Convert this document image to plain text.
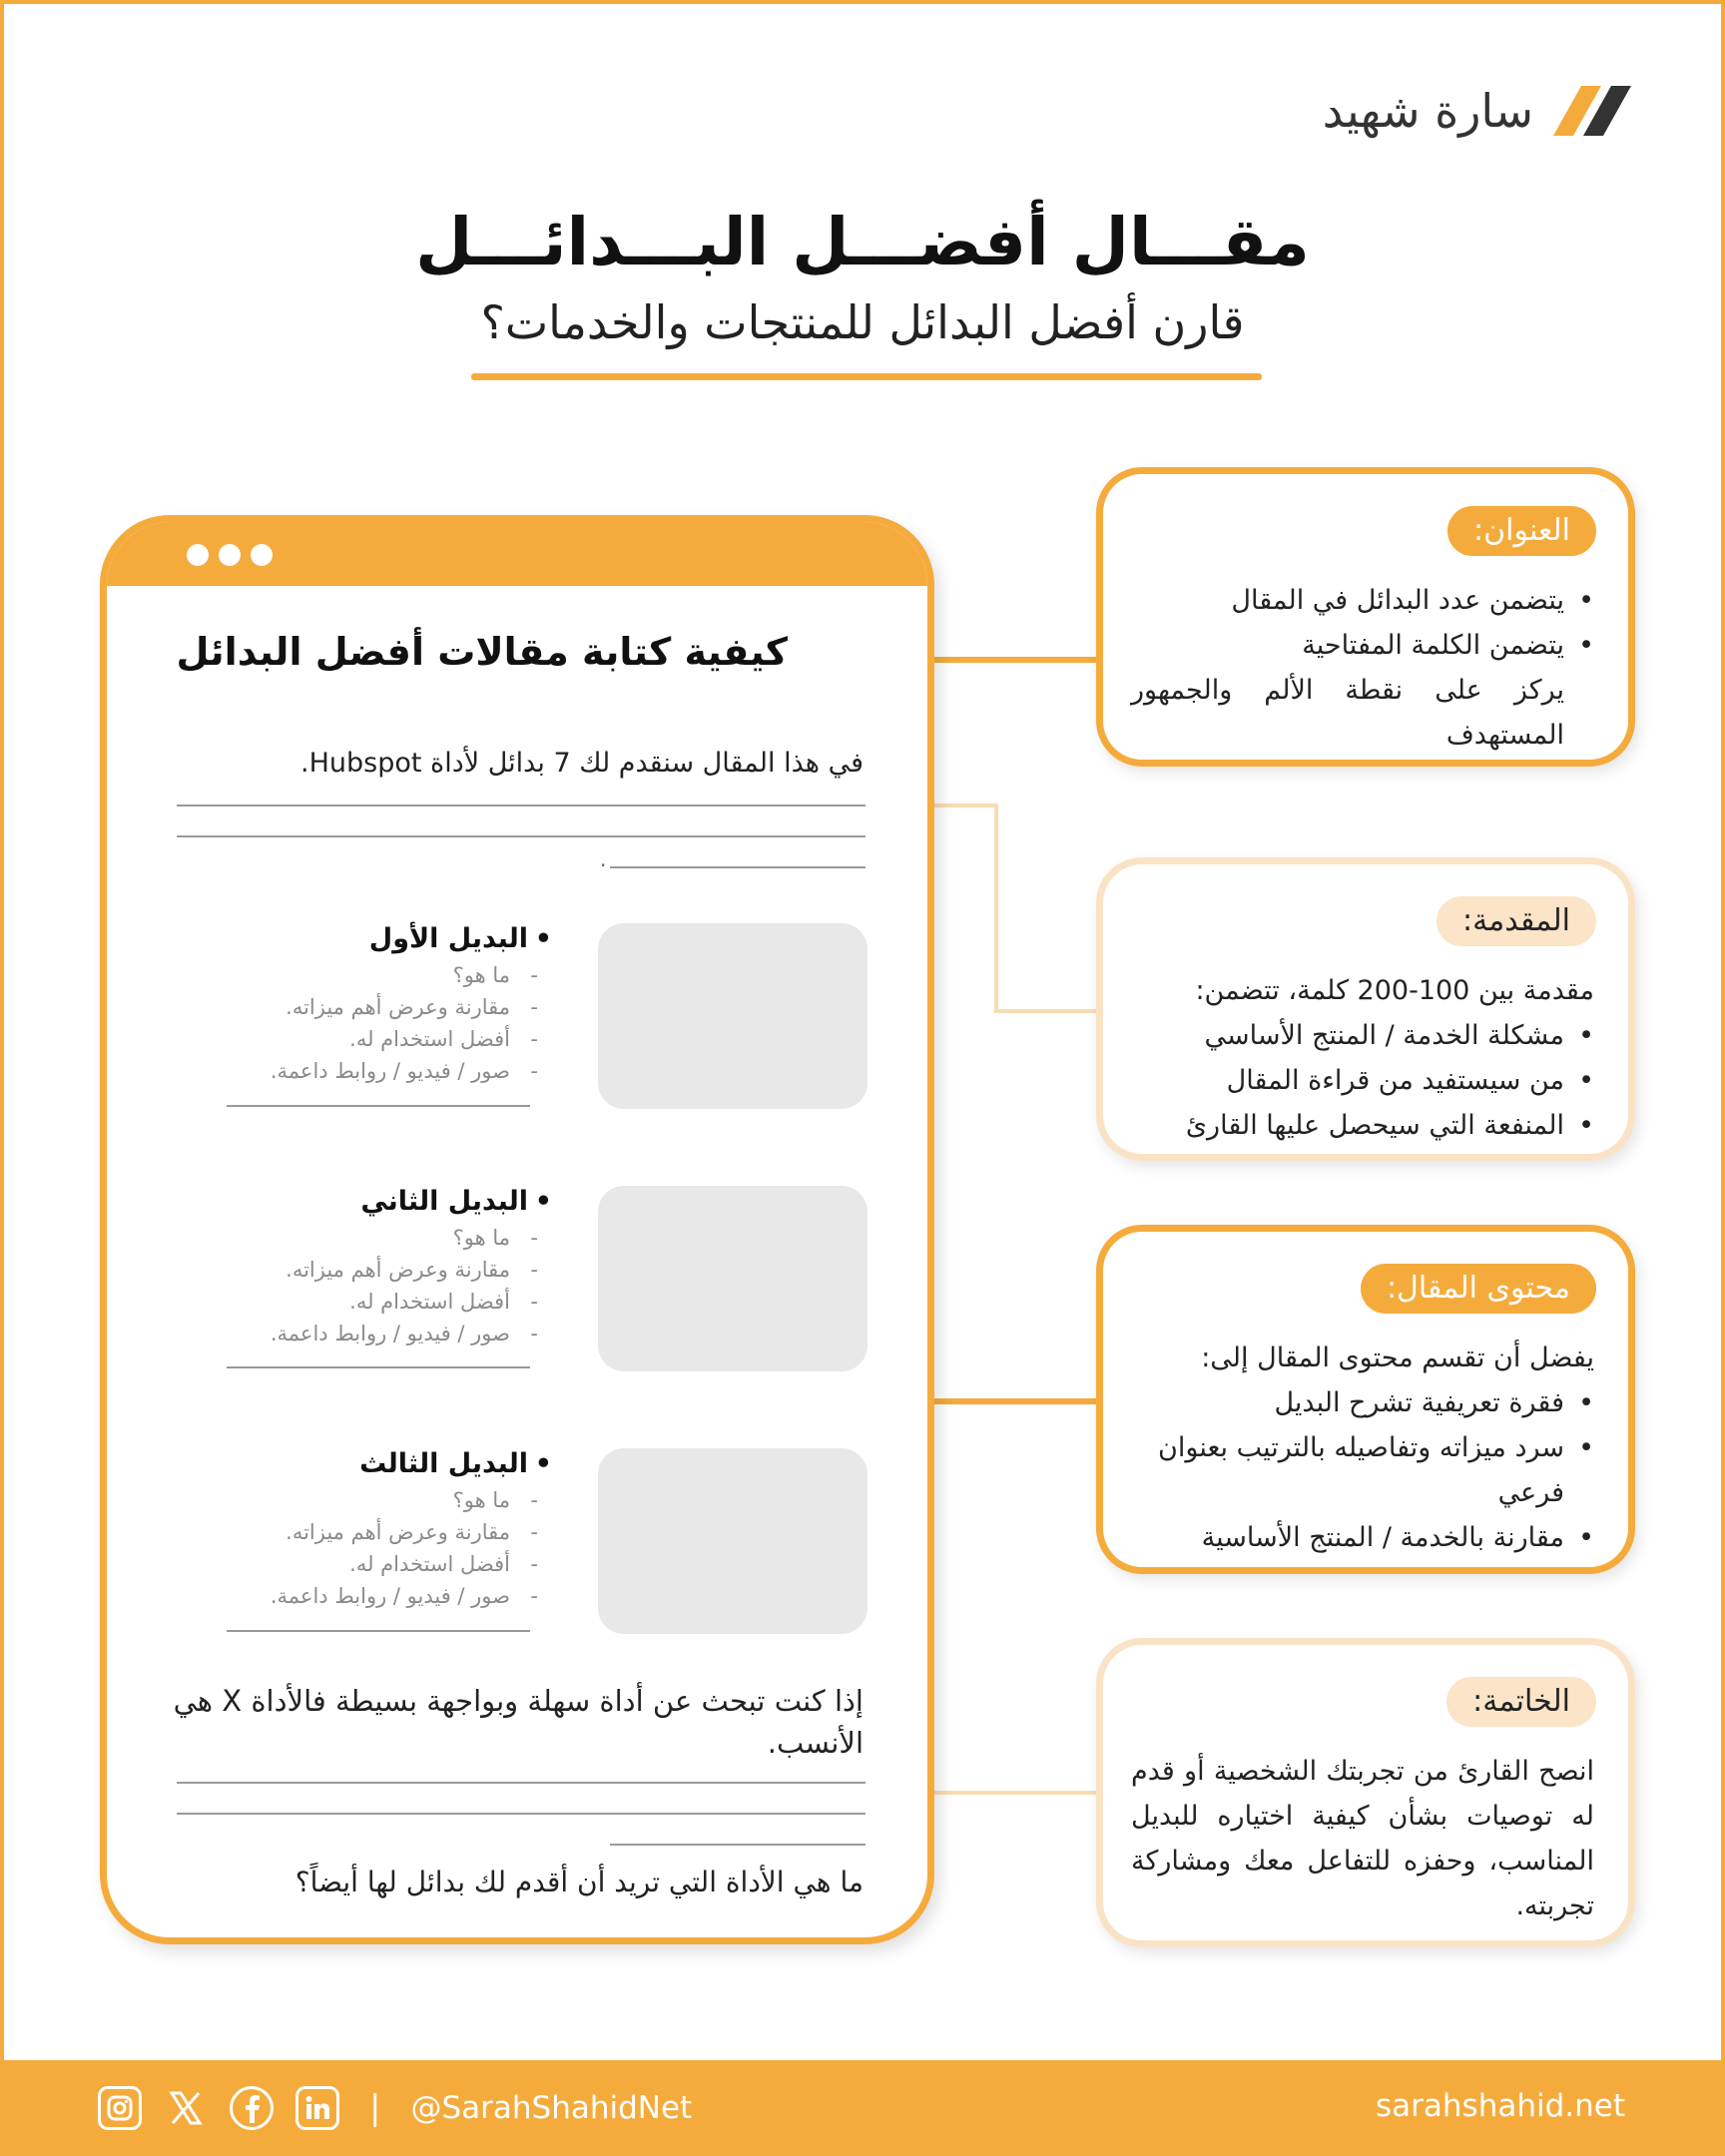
سارة شهيد
مقـــال أفضـــل البـــدائـــل
قارن أفضل البدائل للمنتجات والخدمات؟
كيفية كتابة مقالات أفضل البدائل
في هذا المقال سنقدم لك 7 بدائل لأداة Hubspot.
.
• البديل الأول
- ما هو؟
- مقارنة وعرض أهم ميزاته.
- أفضل استخدام له.
- صور / فيديو / روابط داعمة.
• البديل الثاني
- ما هو؟
- مقارنة وعرض أهم ميزاته.
- أفضل استخدام له.
- صور / فيديو / روابط داعمة.
• البديل الثالث
- ما هو؟
- مقارنة وعرض أهم ميزاته.
- أفضل استخدام له.
- صور / فيديو / روابط داعمة.
إذا كنت تبحث عن أداة سهلة وبواجهة بسيطة فالأداة X هي الأنسب.
ما هي الأداة التي تريد أن أقدم لك بدائل لها أيضاً؟
العنوان:
• يتضمن عدد البدائل في المقال
• يتضمن الكلمة المفتاحية
يركز على نقطة الألم والجمهور المستهدف
المقدمة:
مقدمة بين 100-200 كلمة، تتضمن:
• مشكلة الخدمة / المنتج الأساسي
• من سيستفيد من قراءة المقال
• المنفعة التي سيحصل عليها القارئ
محتوى المقال:
يفضل أن تقسم محتوى المقال إلى:
• فقرة تعريفية تشرح البديل
• سرد ميزاته وتفاصيله بالترتيب بعنوان فرعي
• مقارنة بالخدمة / المنتج الأساسية
الخاتمة:
انصح القارئ من تجربتك الشخصية أو قدم له توصيات بشأن كيفية اختياره للبديل المناسب، وحفزه للتفاعل معك ومشاركة تجربته.
| @SarahShahidNet	sarahshahid.net
